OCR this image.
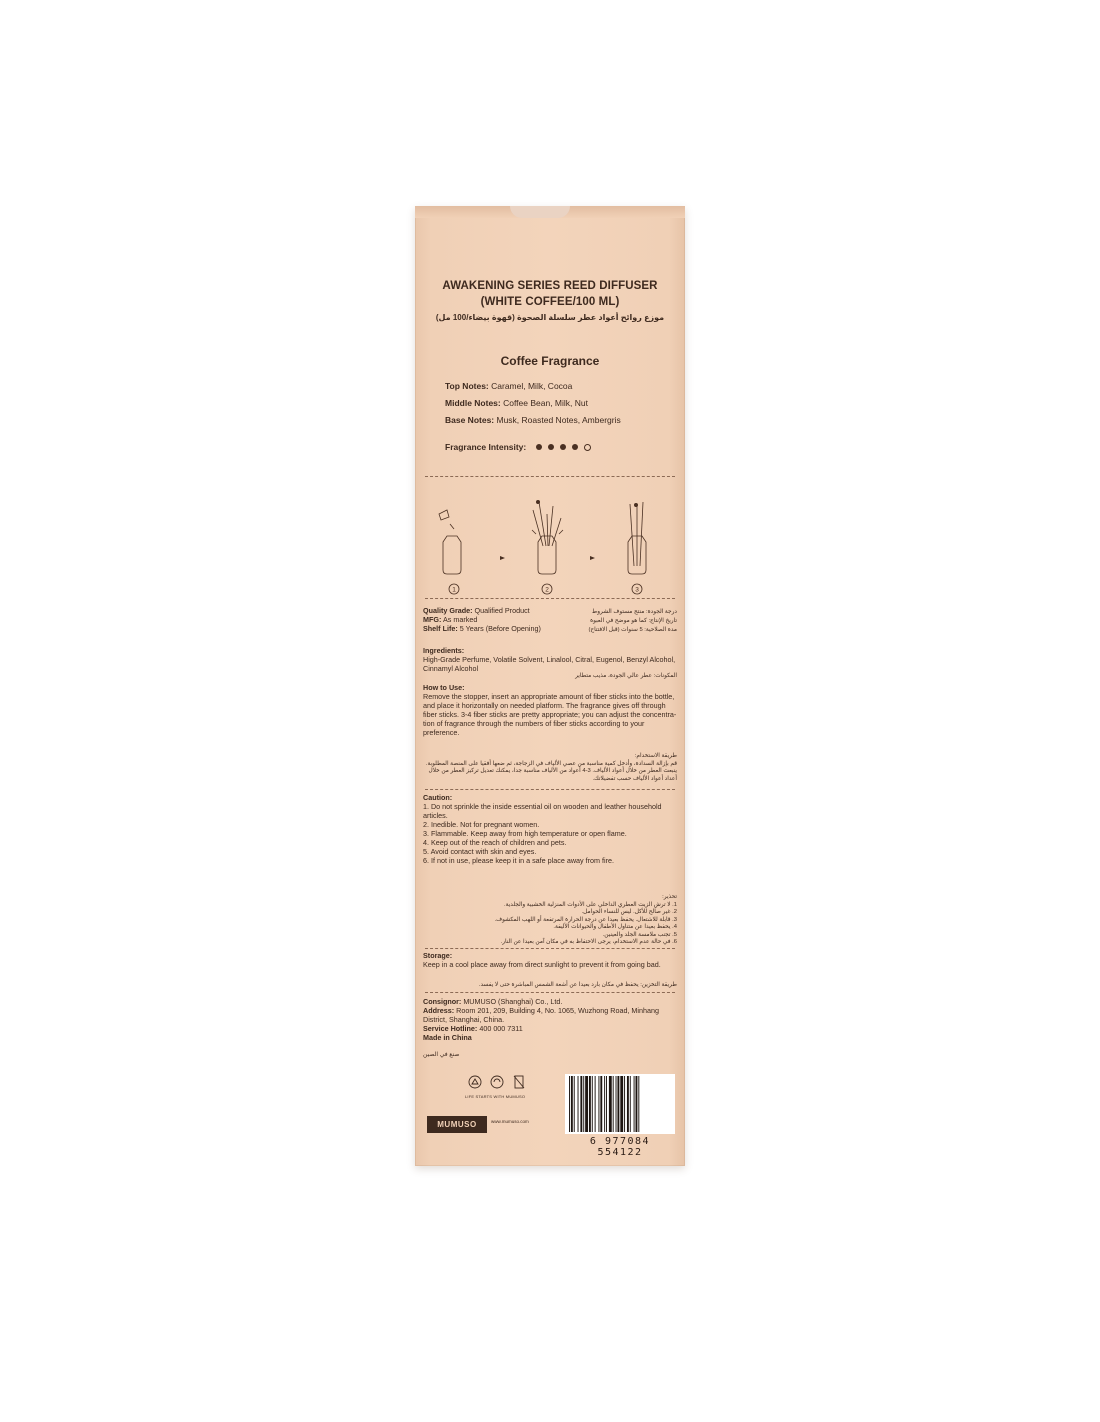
AWAKENING SERIES REED DIFFUSER
(WHITE COFFEE/100 ML)
موزع روائح أعواد عطر سلسلة الصحوة (قهوة بيضاء/100 مل)
Coffee Fragrance
Top Notes: Caramel, Milk, Cocoa
Middle Notes: Coffee Bean, Milk, Nut
Base Notes: Musk, Roasted Notes, Ambergris
Fragrance Intensity:
1	2	3
Quality Grade: Qualified Product
MFG: As marked
Shelf Life: 5 Years (Before Opening)
درجة الجودة: منتج مستوف الشروط
تاريخ الإنتاج: كما هو موضح في العبوة
مدة الصلاحية: 5 سنوات (قبل الافتتاح)
Ingredients:
High-Grade Perfume, Volatile Solvent, Linalool, Citral, Eugenol, Benzyl Alcohol, Cinnamyl Alcohol
المكونات: عطر عالي الجودة، مذيب متطاير
How to Use:
Remove the stopper, insert an appropriate amount of fiber sticks into the bottle, and place it horizontally on needed platform. The fragrance gives off through fiber sticks. 3-4 fiber sticks are pretty appropriate; you can adjust the concentra-tion of fragrance through the numbers of fiber sticks according to your preference.
طريقة الاستخدام:
قم بإزالة السدادة، وأدخل كمية مناسبة من عصي الألياف في الزجاجة، ثم ضعها أفقيا على المنصة المطلوبة. ينبعث العطر من خلال أعواد الألياف. 3-4 أعواد من الألياف مناسبة جدا، يمكنك تعديل تركيز العطر من خلال أعداد أعواد الألياف حسب تفضيلاتك.
Caution:
1. Do not sprinkle the inside essential oil on wooden and leather household articles.
2. Inedible. Not for pregnant women.
3. Flammable. Keep away from high temperature or open flame.
4. Keep out of the reach of children and pets.
5. Avoid contact with skin and eyes.
6. If not in use, please keep it in a safe place away from fire.
تحذير:
1. لا ترش الزيت العطري الداخلي على الأدوات المنزلية الخشبية والجلدية.
2. غير صالح للأكل. ليس للنساء الحوامل.
3. قابلة للاشتعال. يحفظ بعيدا عن درجة الحرارة المرتفعة أو اللهب المكشوف.
4. يحفظ بعيدا عن متناول الأطفال والحيوانات الأليفة.
5. تجنب ملامسة الجلد والعينين.
6. في حالة عدم الاستخدام، يرجى الاحتفاظ به في مكان آمن بعيدا عن النار.
Storage:
Keep in a cool place away from direct sunlight to prevent it from going bad.
طريقة التخزين: يحفظ في مكان بارد بعيدا عن أشعة الشمس المباشرة حتى لا يفسد.
Consignor: MUMUSO (Shanghai) Co., Ltd.
Address: Room 201, 209, Building 4, No. 1065, Wuzhong Road, Minhang District, Shanghai, China.
Service Hotline: 400 000 7311
Made in China
صنع في الصين
LIFE STARTS WITH MUMUSO
MUMUSO	www.mumuso.com
6 977084 554122
